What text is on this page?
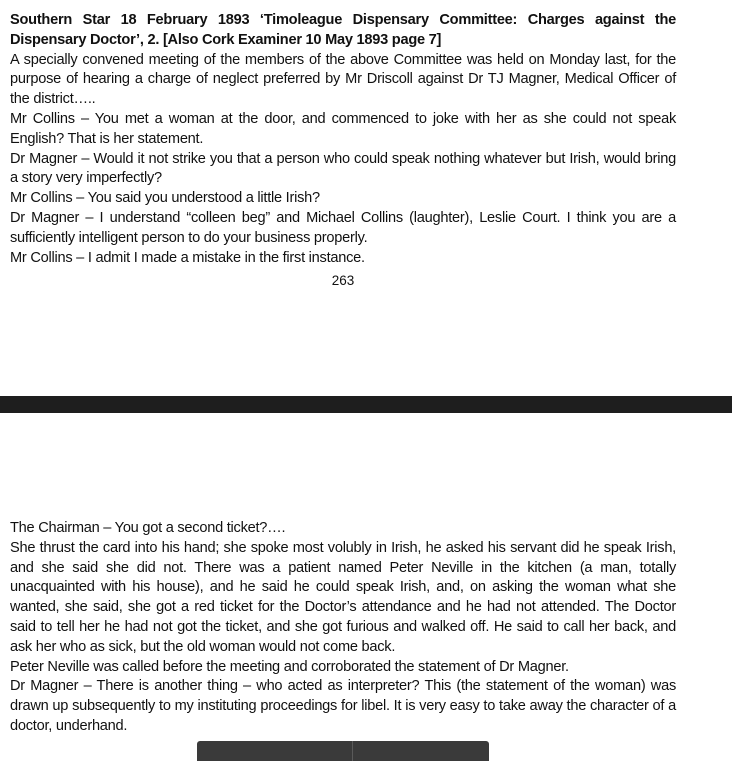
Southern Star 18 February 1893 ‘Timoleague Dispensary Committee: Charges against the Dispensary Doctor’, 2. [Also Cork Examiner 10 May 1893 page 7]

A specially convened meeting of the members of the above Committee was held on Monday last, for the purpose of hearing a charge of neglect preferred by Mr Driscoll against Dr TJ Magner, Medical Officer of the district…..

Mr Collins – You met a woman at the door, and commenced to joke with her as she could not speak English? That is her statement.

Dr Magner – Would it not strike you that a person who could speak nothing whatever but Irish, would bring a story very imperfectly?

Mr Collins – You said you understood a little Irish?

Dr Magner – I understand “colleen beg” and Michael Collins (laughter), Leslie Court. I think you are a sufficiently intelligent person to do your business properly.

Mr Collins – I admit I made a mistake in the first instance.

263

The Chairman – You got a second ticket?….

She thrust the card into his hand; she spoke most volubly in Irish, he asked his servant did he speak Irish, and she said she did not. There was a patient named Peter Neville in the kitchen (a man, totally unacquainted with his house), and he said he could speak Irish, and, on asking the woman what she wanted, she said, she got a red ticket for the Doctor’s attendance and he had not attended. The Doctor said to tell her he had not got the ticket, and she got furious and walked off. He said to call her back, and ask her who as sick, but the old woman would not come back.

Peter Neville was called before the meeting and corroborated the statement of Dr Magner.

Dr Magner – There is another thing – who acted as interpreter? This (the statement of the woman) was drawn up subsequently to my instituting proceedings for libel. It is very easy to take away the character of a doctor, underhand.
